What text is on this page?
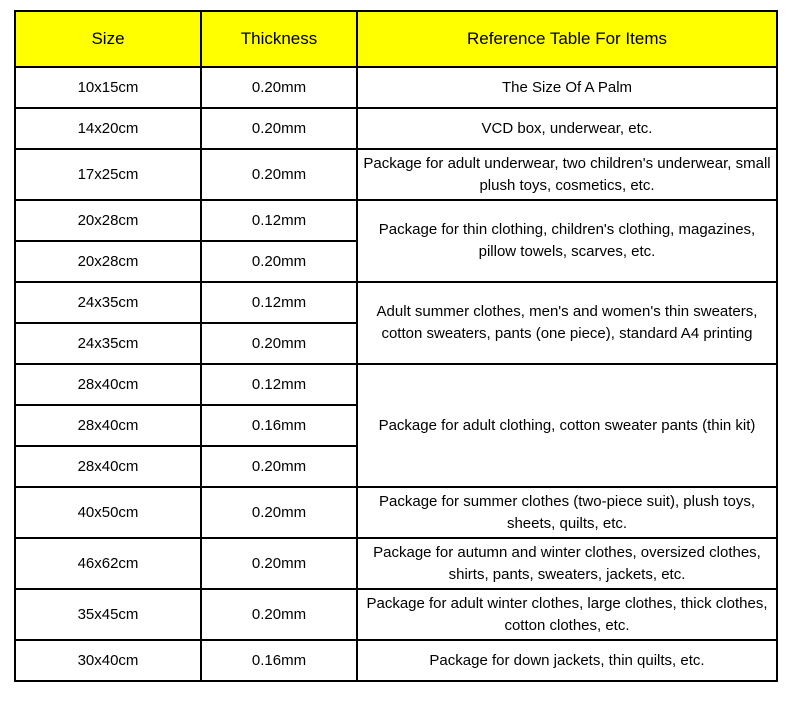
Size	Thickness	Reference Table For Items
10x15cm	0.20mm	The Size Of A Palm
14x20cm	0.20mm	VCD box, underwear, etc.
17x25cm	0.20mm	Package for adult underwear, two children's underwear, small plush toys, cosmetics, etc.
20x28cm	0.12mm	Package for thin clothing, children's clothing, magazines, pillow towels, scarves, etc.
20x28cm	0.20mm	
24x35cm	0.12mm	Adult summer clothes, men's and women's thin sweaters, cotton sweaters, pants (one piece), standard A4 printing
24x35cm	0.20mm	
28x40cm	0.12mm	Package for adult clothing, cotton sweater pants (thin kit)
28x40cm	0.16mm	
28x40cm	0.20mm	
40x50cm	0.20mm	Package for summer clothes (two-piece suit), plush toys, sheets, quilts, etc.
46x62cm	0.20mm	Package for autumn and winter clothes, oversized clothes, shirts, pants, sweaters, jackets, etc.
35x45cm	0.20mm	Package for adult winter clothes, large clothes, thick clothes, cotton clothes, etc.
30x40cm	0.16mm	Package for down jackets, thin quilts, etc.
